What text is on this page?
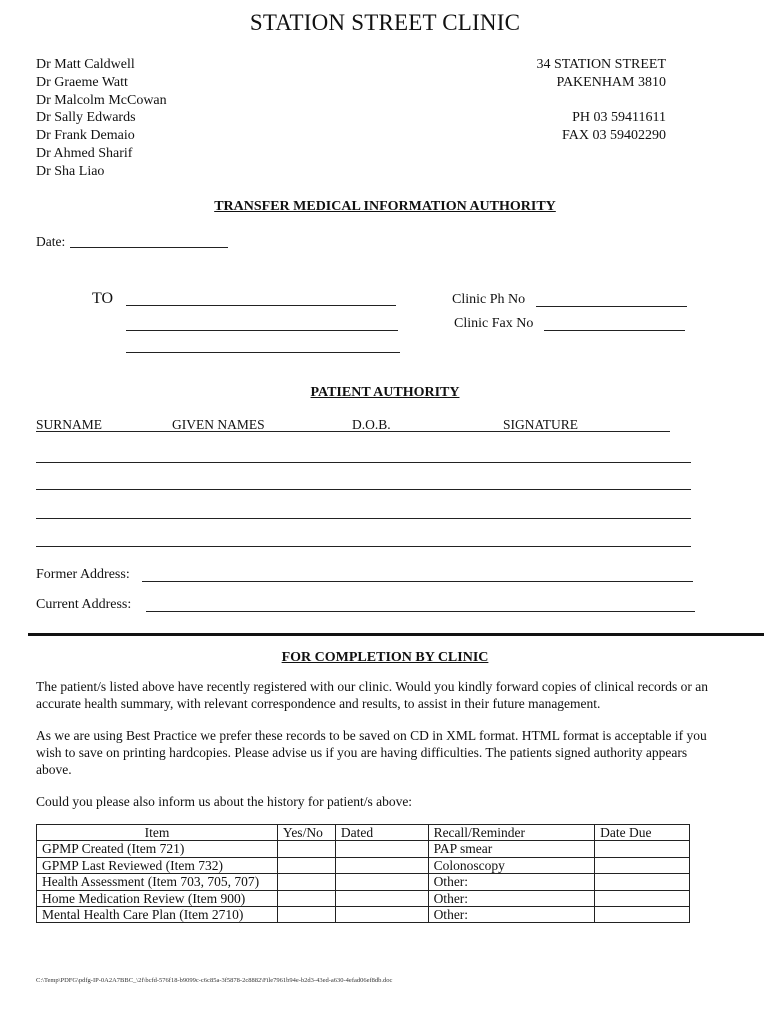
STATION STREET CLINIC
Dr Matt Caldwell
Dr Graeme Watt
Dr Malcolm McCowan
Dr Sally Edwards
Dr Frank Demaio
Dr Ahmed Sharif
Dr Sha Liao
34 STATION STREET
PAKENHAM 3810
PH 03 59411611
FAX 03 59402290
TRANSFER MEDICAL INFORMATION AUTHORITY
Date:
TO	Clinic Ph No
Clinic Fax No
PATIENT AUTHORITY
SURNAME	GIVEN NAMES	D.O.B.	SIGNATURE
Former Address:
Current Address:
FOR COMPLETION BY CLINIC
The patient/s listed above have recently registered with our clinic. Would you kindly forward copies of clinical records or an accurate health summary, with relevant correspondence and results, to assist in their future management.
As we are using Best Practice we prefer these records to be saved on CD in XML format. HTML format is acceptable if you wish to save on printing hardcopies. Please advise us if you are having difficulties. The patients signed authority appears above.
Could you please also inform us about the history for patient/s above:
Item	Yes/No	Dated	Recall/Reminder	Date Due
GPMP Created (Item 721)			PAP smear	
GPMP Last Reviewed (Item 732)			Colonoscopy	
Health Assessment (Item 703, 705, 707)			Other:	
Home Medication Review (Item 900)			Other:	
Mental Health Care Plan (Item 2710)			Other:	
C:\Temp\PDFG\pdfg-IP-0A2A7BBC_\2f\bcfd-576f18-b9099c-c6c85a-3f5878-2c8882\File7961b94e-b2d3-43ed-a630-4efad06ef8db.doc
